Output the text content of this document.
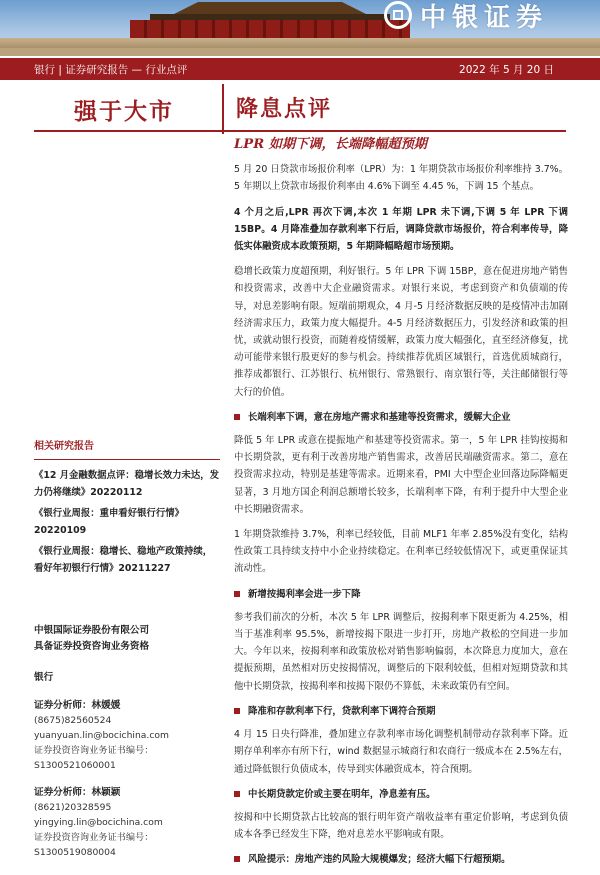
中银证券
银行 | 证券研究报告 — 行业点评	2022 年 5 月 20 日
强于大市	降息点评
相关研究报告
《12 月金融数据点评：稳增长效力未达，发力仍将继续》20220112
《银行业周报：重申看好银行行情》20220109
《银行业周报：稳增长、稳地产政策持续，看好年初银行行情》20211227
中银国际证券股份有限公司
具备证券投资咨询业务资格
银行
证券分析师：林媛媛
(8675)82560524
yuanyuan.lin@bocichina.com
证券投资咨询业务证书编号：S1300521060001
证券分析师：林颖颖
(8621)20328595
yingying.lin@bocichina.com
证券投资咨询业务证书编号：S1300519080004
LPR 如期下调，长端降幅超预期
5 月 20 日贷款市场报价利率（LPR）为：1 年期贷款市场报价利率维持 3.7%。5 年期以上贷款市场报价利率由 4.6%下调至 4.45 %，下调 15 个基点。
4 个月之后,LPR 再次下调,本次 1 年期 LPR 未下调,下调 5 年 LPR 下调 15BP。4 月降准叠加存款利率下行后，调降贷款市场报价，符合利率传导，降低实体融资成本政策预期，5 年期降幅略超市场预期。
稳增长政策力度超预期，利好银行。5 年 LPR 下调 15BP，意在促进房地产销售和投资需求，改善中大企业融资需求。对银行来说，考虑到资产和负债端的传导，对息差影响有限。短端前期观众，4 月-5 月经济数据反映的是疫情冲击加剧经济需求压力，政策力度大幅提升。4-5 月经济数据压力，引发经济和政策的担忧，或就动银行投资，而随着疫情缓解，政策力度大幅强化，直至经济修复，扰动可能带来银行股更好的参与机会。持续推荐优质区域银行，首选优质城商行，推荐成都银行、江苏银行、杭州银行、常熟银行、南京银行等，关注邮储银行等大行的价值。
长端利率下调，意在房地产需求和基建等投资需求，缓解大企业
降低 5 年 LPR 或意在提振地产和基建等投资需求。第一，5 年 LPR 挂钩按揭和中长期贷款，更有利于改善房地产销售需求，改善居民端融资需求。第二，意在投资需求拉动，特别是基建等需求。近期来看，PMI 大中型企业回落边际降幅更显著，3 月地方国企利润总额增长较多，长端利率下降，有利于提升中大型企业中长期融资需求。
1 年期贷款维持 3.7%，利率已经较低，目前 MLF1 年率 2.85%没有变化，结构性政策工具持续支持中小企业持续稳定。在利率已经较低情况下，或更重保证其流动性。
新增按揭利率会进一步下降
参考我们前次的分析，本次 5 年 LPR 调整后，按揭利率下限更新为 4.25%，相当于基准利率 95.5%，新增按揭下限进一步打开，房地产救松的空间进一步加大。今年以来，按揭利率和政策放松对销售影响偏弱，本次降息力度加大，意在提振预期，虽然相对历史按揭情况，调整后的下限利较低，但相对短期贷款和其他中长期贷款，按揭利率和按揭下限仍不算低，未来政策仍有空间。
降准和存款利率下行，贷款利率下调符合预期
4 月 15 日央行降准，叠加建立存款利率市场化调整机制带动存款利率下降。近期存单利率亦有所下行，wind 数据显示城商行和农商行一级成本在 2.5%左右，通过降低银行负债成本，传导到实体融资成本，符合预期。
中长期贷款定价或主要在明年，净息差有压。
按揭和中长期贷款占比较高的银行明年资产端收益率有重定价影响，考虑到负债成本各季已经发生下降，绝对息差水平影响或有限。
风险提示：房地产违约风险大规模爆发；经济大幅下行超预期。
